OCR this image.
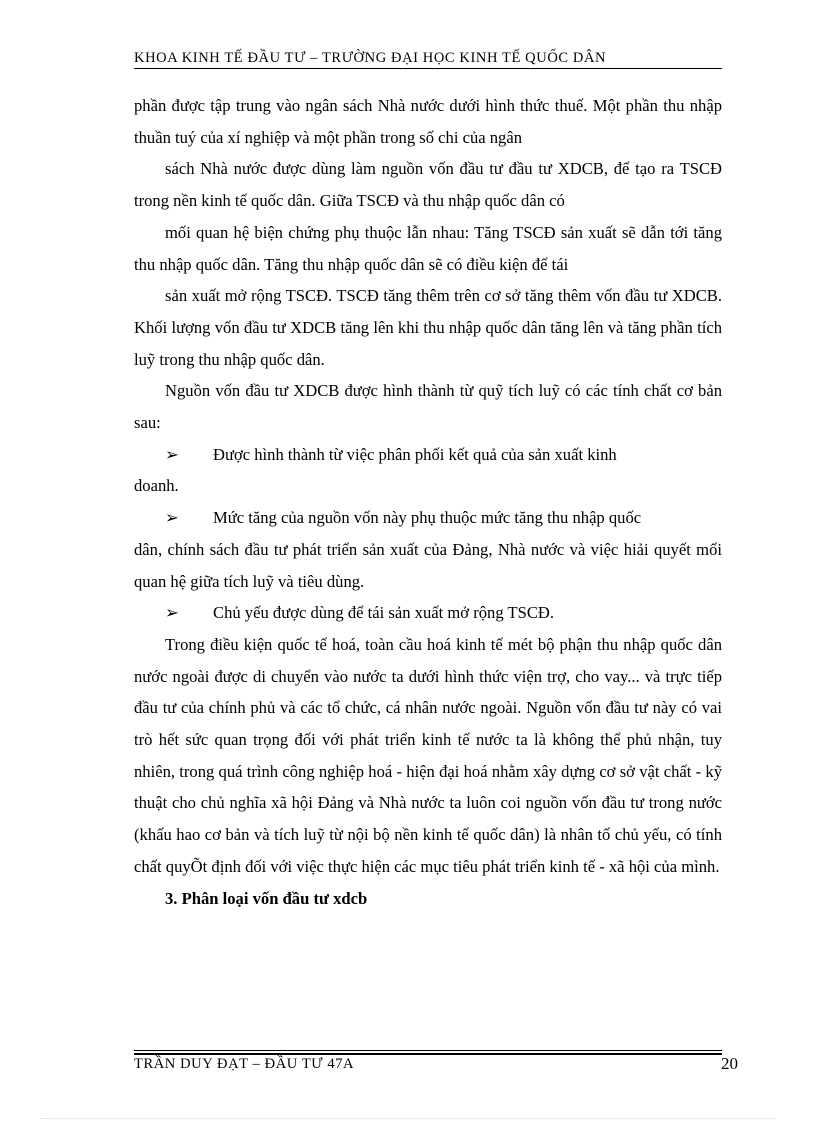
KHOA KINH TẾ ĐẦU TƯ – TRƯỜNG ĐẠI HỌC KINH TẾ QUỐC DÂN

phần được tập trung vào ngân sách Nhà nước dưới hình thức thuế. Một phần thu nhập thuần tuý của xí nghiệp và một phần trong số chi của ngân

sách Nhà nước được dùng làm nguồn vốn đầu tư đầu tư XDCB, để tạo ra TSCĐ trong nền kinh tế quốc dân. Giữa TSCĐ và thu nhập quốc dân có

mối quan hệ biện chứng phụ thuộc lẫn nhau: Tăng TSCĐ sản xuất sẽ dẫn tới tăng thu nhập quốc dân. Tăng thu nhập quốc dân sẽ có điều kiện để tái

sản xuất mở rộng TSCĐ. TSCĐ tăng thêm trên cơ sở tăng thêm vốn đầu tư XDCB. Khối lượng vốn đầu tư XDCB tăng lên khi thu nhập quốc dân tăng lên và tăng phần tích luỹ trong thu nhập quốc dân.

Nguồn vốn đầu tư XDCB được hình thành từ quỹ tích luỹ có các tính chất cơ bản sau:

➢	Được hình thành từ việc phân phối kết quả của sản xuất kinh

doanh.

➢	Mức tăng của nguồn vốn này phụ thuộc mức tăng thu nhập quốc

dân, chính sách đầu tư phát triển sản xuất của Đảng, Nhà nước và việc hiải quyết mối quan hệ giữa tích luỹ và tiêu dùng.

➢	Chủ yếu được dùng để tái sản xuất mở rộng TSCĐ.

Trong điều kiện quốc tế hoá, toàn cầu hoá kinh tế mét bộ phận thu nhập quốc dân nước ngoài được di chuyển vào nước ta dưới hình thức viện trợ, cho vay... và trực tiếp đầu tư của chính phủ và các tổ chức, cá nhân nước ngoài. Nguồn vốn đầu tư này có vai trò hết sức quan trọng đối với phát triển kinh tế nước ta là không thể phủ nhận, tuy nhiên, trong quá trình công nghiệp hoá - hiện đại hoá nhằm xây dựng cơ sở vật chất - kỹ thuật cho chủ nghĩa xã hội Đảng và Nhà nước ta luôn coi nguồn vốn đầu tư trong nước (khấu hao cơ bản và tích luỹ từ nội bộ nền kinh tế quốc dân) là nhân tố chủ yếu, có tính chất quyÕt định đối với việc thực hiện các mục tiêu phát triển kinh tế - xã hội của mình.

3. Phân loại vốn đầu tư xdcb

TRẦN DUY ĐẠT – ĐẦU TƯ 47A	20
